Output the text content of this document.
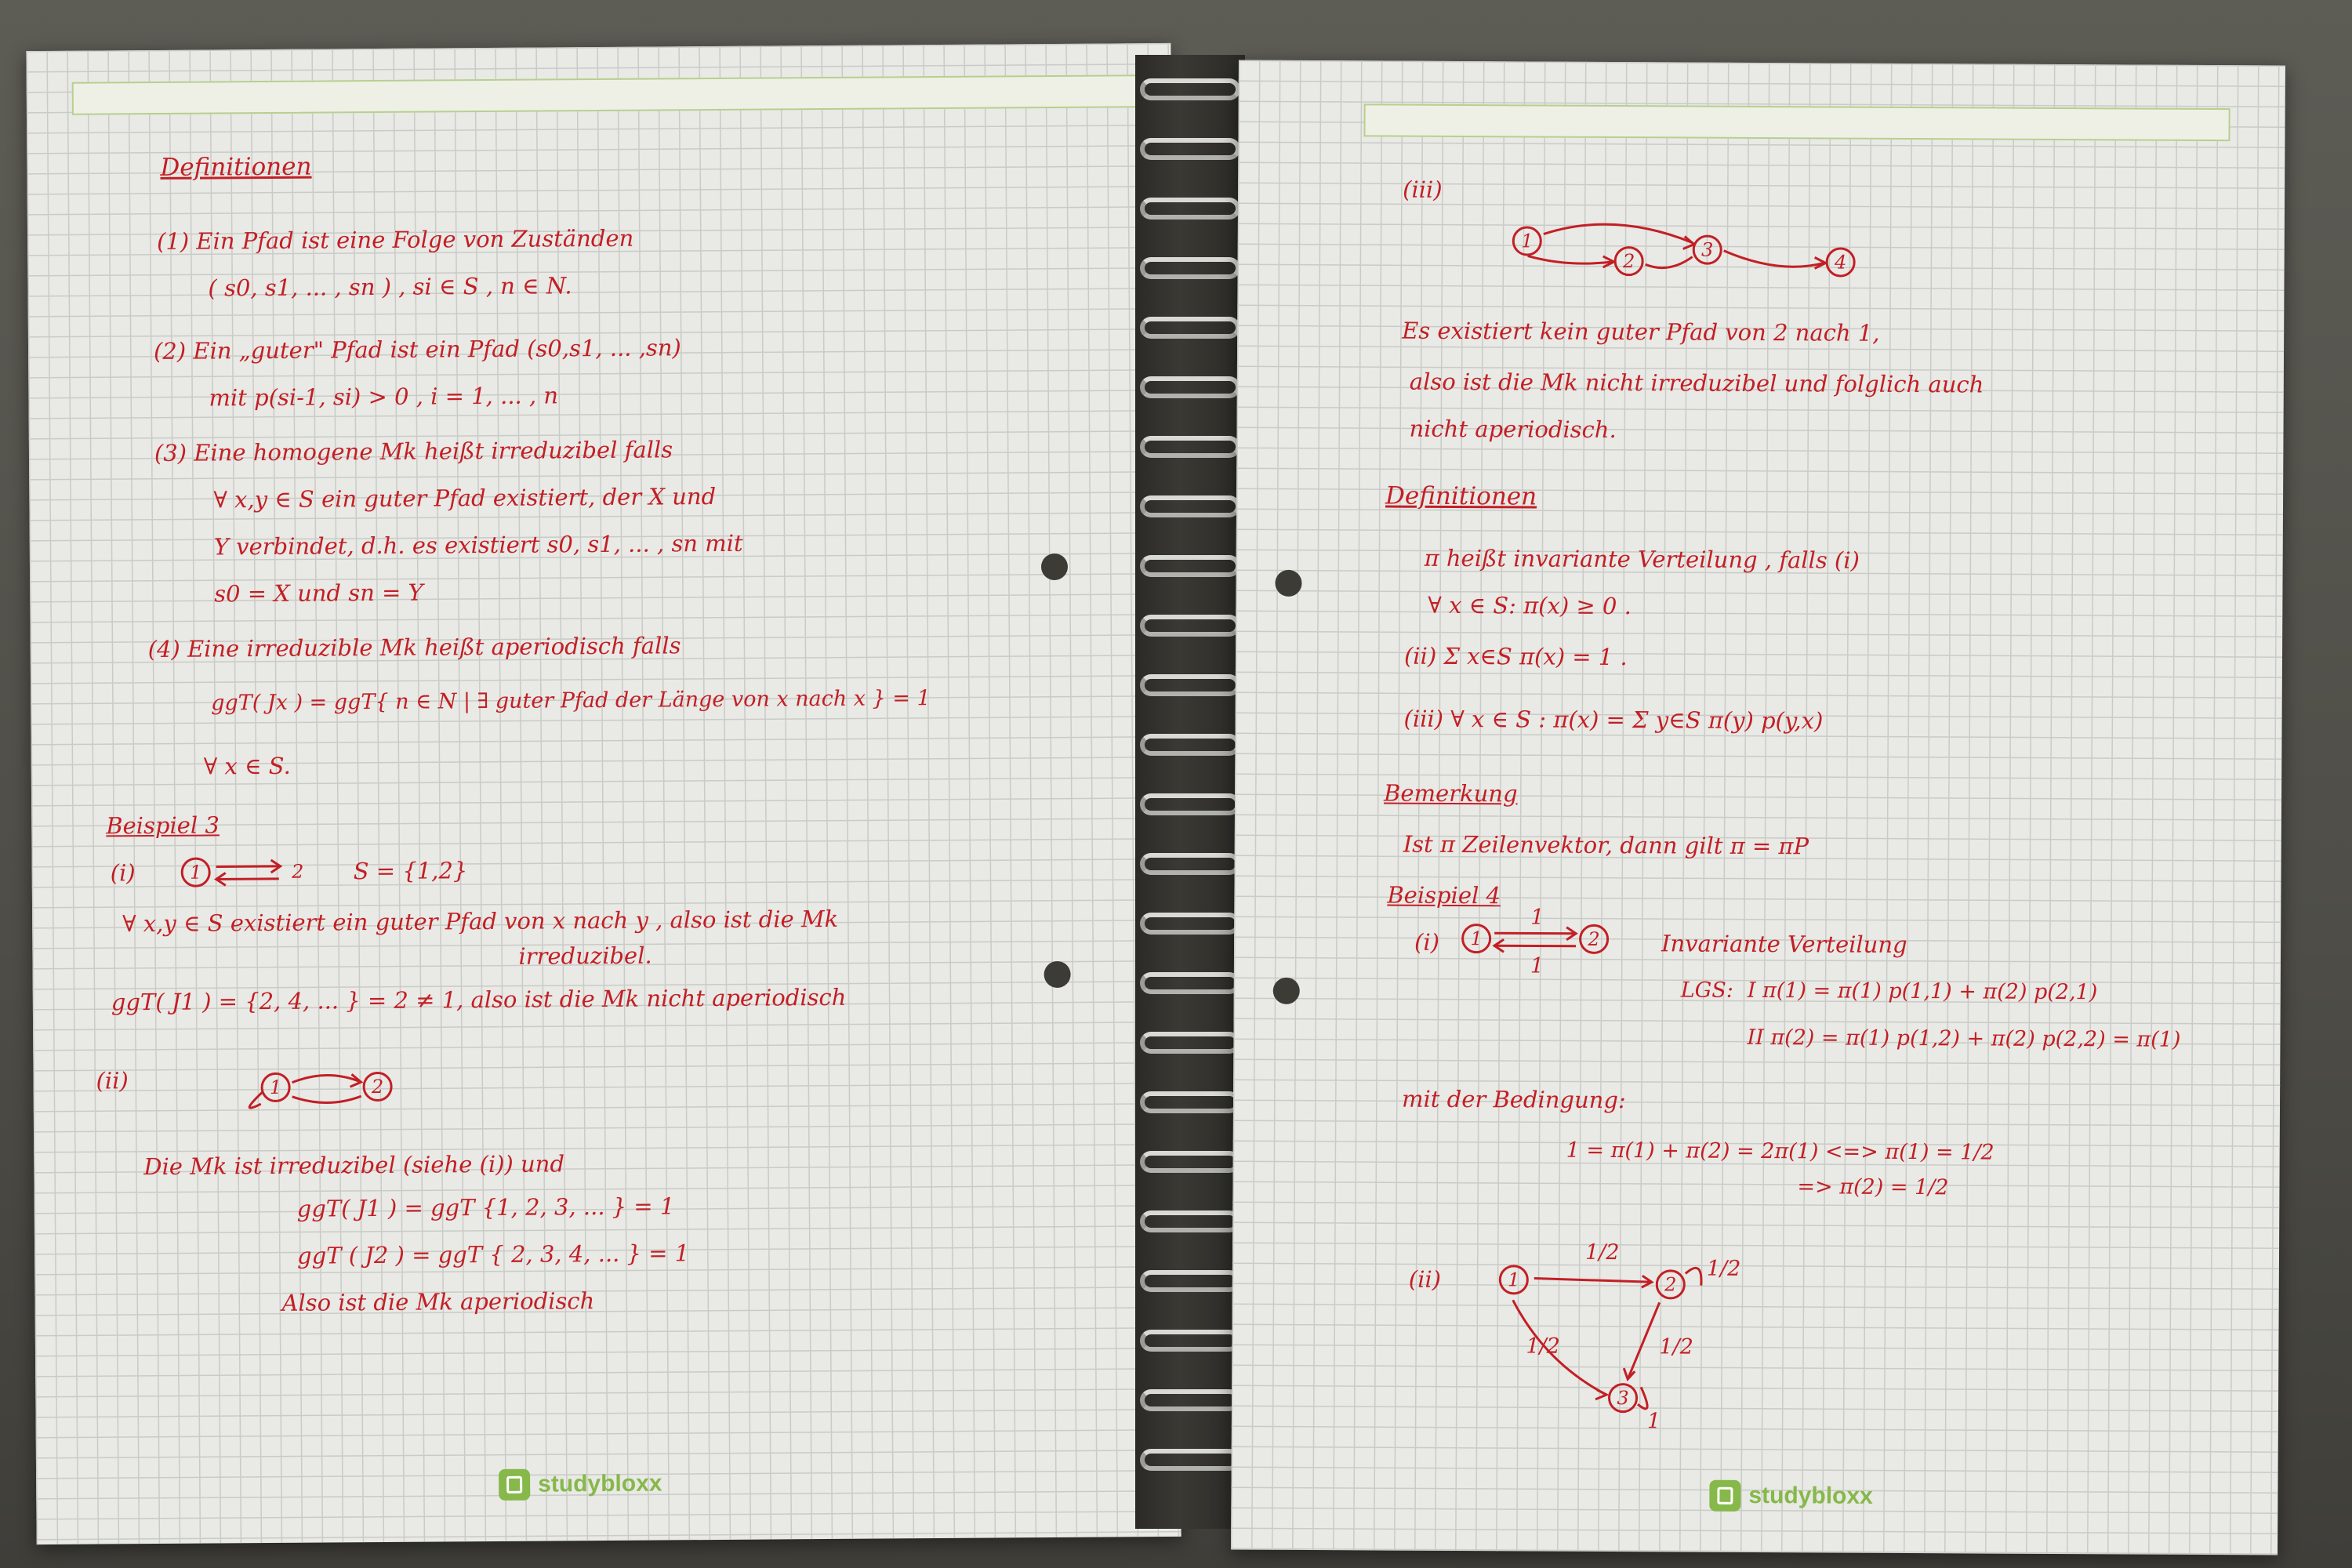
Definitionen
(1) Ein Pfad ist eine Folge von Zuständen
( s0, s1, ... , sn ) , si ∈ S , n ∈ N.
(2) Ein „guter" Pfad ist ein Pfad (s0,s1, ... ,sn)
mit p(si-1, si) > 0 , i = 1, ... , n
(3) Eine homogene Mk heißt irreduzibel falls
∀ x,y ∈ S ein guter Pfad existiert, der X und
Y verbindet, d.h. es existiert s0, s1, ... , sn mit
s0 = X und sn = Y
(4) Eine irreduzible Mk heißt aperiodisch falls
ggT( Jx ) = ggT{ n ∈ N | ∃ guter Pfad der Länge von x nach x } = 1
∀ x ∈ S.
Beispiel 3
(i)	1	2	S = {1,2}
∀ x,y ∈ S existiert ein guter Pfad von x nach y , also ist die Mk
irreduzibel.
ggT( J1 ) = {2, 4, ... } = 2 ≠ 1, also ist die Mk nicht aperiodisch
(ii)	1	2
Die Mk ist irreduzibel (siehe (i)) und
ggT( J1 ) = ggT {1, 2, 3, ... } = 1
ggT ( J2 ) = ggT { 2, 3, 4, ... } = 1
Also ist die Mk aperiodisch
studybloxx
(iii)
1
2
3
4
Es existiert kein guter Pfad von 2 nach 1,
also ist die Mk nicht irreduzibel und folglich auch
nicht aperiodisch.
Definitionen
π heißt invariante Verteilung , falls (i)
∀ x ∈ S: π(x) ≥ 0 .
(ii) Σ x∈S π(x) = 1 .
(iii) ∀ x ∈ S : π(x) = Σ y∈S π(y) p(y,x)
Bemerkung
Ist π Zeilenvektor, dann gilt π = πP
Beispiel 4
(i)	1	2
1
1
Invariante Verteilung
LGS: I π(1) = π(1) p(1,1) + π(2) p(2,1)
II π(2) = π(1) p(1,2) + π(2) p(2,2) = π(1)
mit der Bedingung:
1 = π(1) + π(2) = 2π(1) <=> π(1) = 1/2
=> π(2) = 1/2
(ii)	1	2
3
1/2
1/2
1/2	1/2
1
studybloxx
